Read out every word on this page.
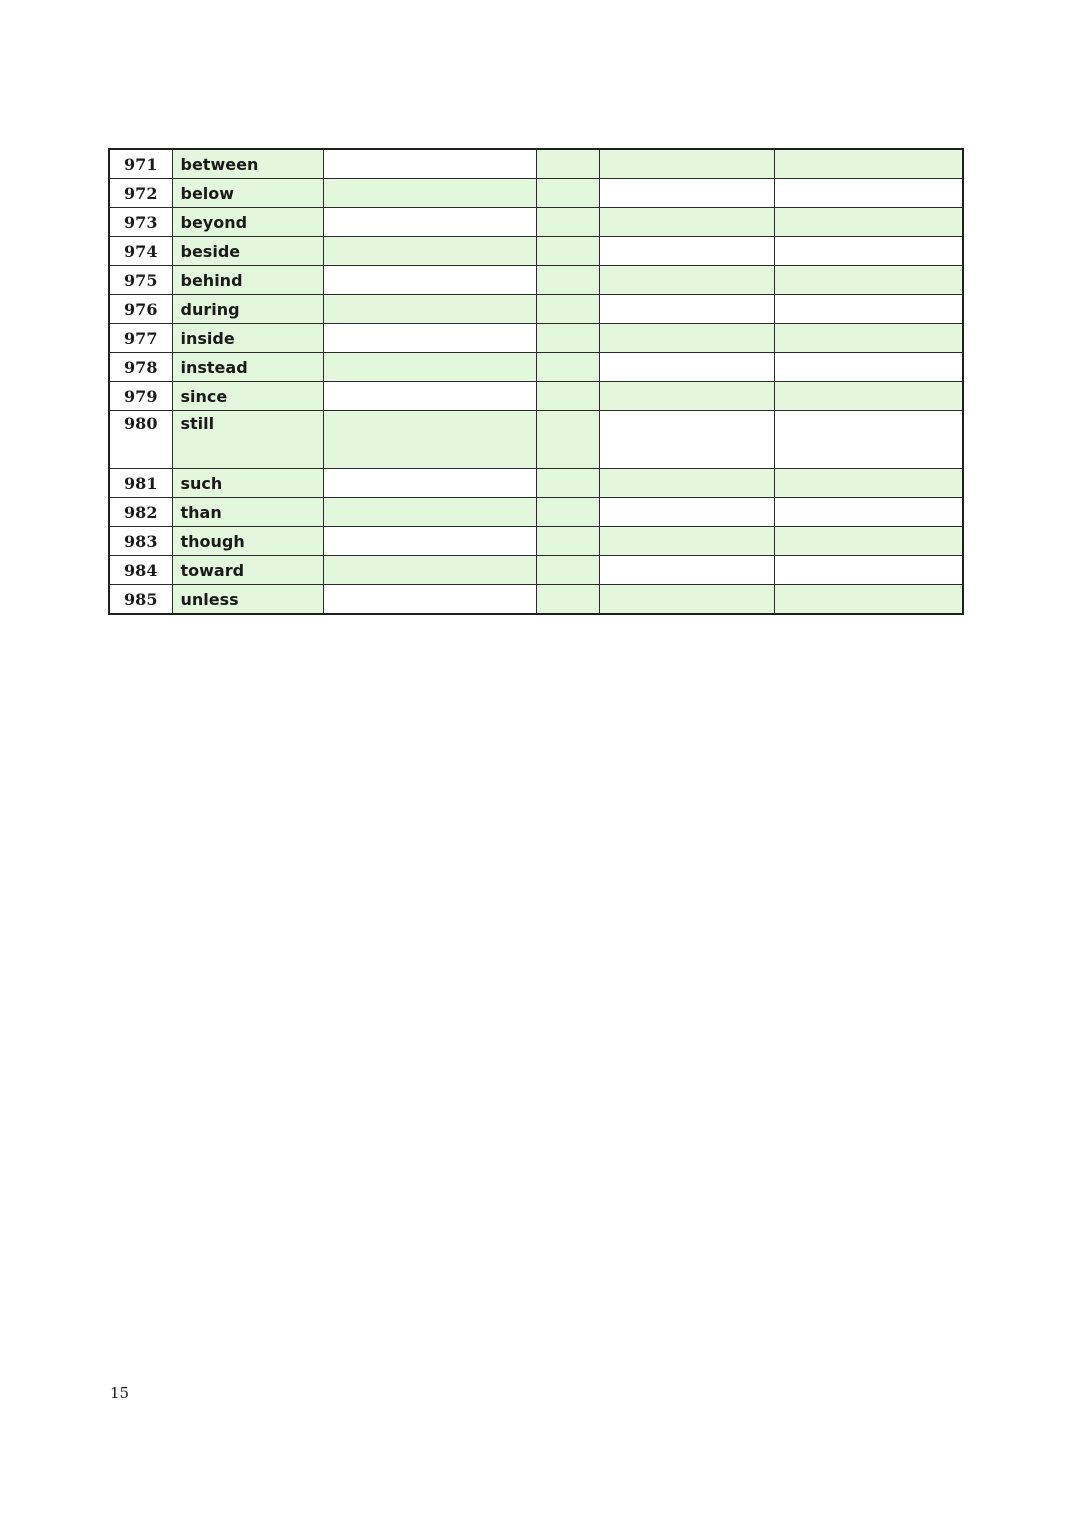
971	between				
972	below				
973	beyond				
974	beside				
975	behind				
976	during				
977	inside				
978	instead				
979	since				
980	still				
981	such				
982	than				
983	though				
984	toward				
985	unless				
15
